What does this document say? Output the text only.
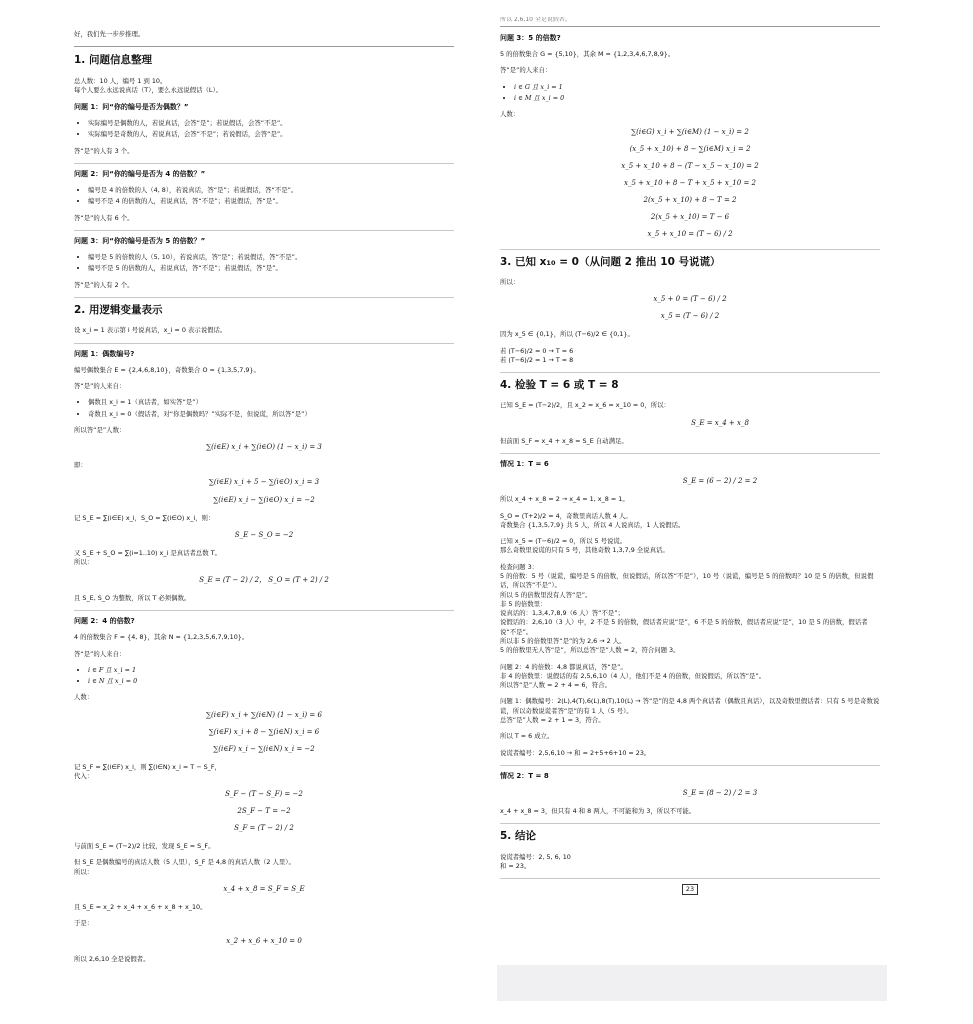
好，我们先一步步推理。

1. 问题信息整理

总人数：10 人，编号 1 到 10。
每个人要么永远说真话（T），要么永远说假话（L）。

问题 1：问“你的编号是否为偶数？”
• 实际编号是偶数的人，若说真话，会答“是”；若说假话，会答“不是”。
• 实际编号是奇数的人，若说真话，会答“不是”；若说假话，会答“是”。

答“是”的人有 3 个。

问题 2：问“你的编号是否为 4 的倍数？”
• 编号是 4 的倍数的人（4, 8），若说真话，答“是”；若说假话，答“不是”。
• 编号不是 4 的倍数的人，若说真话，答“不是”；若说假话，答“是”。

答“是”的人有 6 个。

问题 3：问“你的编号是否为 5 的倍数？”
• 编号是 5 的倍数的人（5, 10），若说真话，答“是”；若说假话，答“不是”。
• 编号不是 5 的倍数的人，若说真话，答“不是”；若说假话，答“是”。

答“是”的人有 2 个。

2. 用逻辑变量表示

设 x_i = 1 表示第 i 号说真话，x_i = 0 表示说假话。

问题 1：偶数编号?

编号偶数集合 E = {2,4,6,8,10}，奇数集合 O = {1,3,5,7,9}。

答“是”的人来自：

• 偶数且 x_i = 1（真话者，如实答“是”）
• 奇数且 x_i = 0（假话者，对“你是偶数吗？”实际不是，但说谎，所以答“是”）

所以答“是”人数：

∑(i∈E) x_i + ∑(i∈O) (1 − x_i) = 3

即：

∑(i∈E) x_i + 5 − ∑(i∈O) x_i = 3
∑(i∈E) x_i − ∑(i∈O) x_i = −2

记 S_E = ∑(i∈E) x_i，S_O = ∑(i∈O) x_i，则：

S_E − S_O = −2

又 S_E + S_O = ∑(i=1..10) x_i 是真话者总数 T。
所以：

S_E = (T − 2) / 2， S_O = (T + 2) / 2

且 S_E, S_O 为整数，所以 T 必须偶数。

问题 2：4 的倍数?

4 的倍数集合 F = {4, 8}，其余 N = {1,2,3,5,6,7,9,10}。

答“是”的人来自：

• i ∈ F 且 x_i = 1
• i ∈ N 且 x_i = 0

人数：

∑(i∈F) x_i + ∑(i∈N) (1 − x_i) = 6
∑(i∈F) x_i + 8 − ∑(i∈N) x_i = 6
∑(i∈F) x_i − ∑(i∈N) x_i = −2

记 S_F = ∑(i∈F) x_i，则 ∑(i∈N) x_i = T − S_F，
代入：

S_F − (T − S_F) = −2
2S_F − T = −2
S_F = (T − 2) / 2

与前面 S_E = (T−2)/2 比较，发现 S_E = S_F。

但 S_E 是偶数编号的真话人数（5 人里），S_F 是 4,8 的真话人数（2 人里）。
所以：

x_4 + x_8 = S_F = S_E

且 S_E = x_2 + x_4 + x_6 + x_8 + x_10。

于是：

x_2 + x_6 + x_10 = 0

所以 2,6,10 全是说假者。

所以 2,6,10 全是说假者。
问题 3：5 的倍数?

5 的倍数集合 G = {5,10}，其余 M = {1,2,3,4,6,7,8,9}。

答“是”的人来自：

• i ∈ G 且 x_i = 1
• i ∈ M 且 x_i = 0

人数：

∑(i∈G) x_i + ∑(i∈M) (1 − x_i) = 2
(x_5 + x_10) + 8 − ∑(i∈M) x_i = 2
x_5 + x_10 + 8 − (T − x_5 − x_10) = 2
x_5 + x_10 + 8 − T + x_5 + x_10 = 2
2(x_5 + x_10) + 8 − T = 2
2(x_5 + x_10) = T − 6
x_5 + x_10 = (T − 6) / 2
3. 已知 x₁₀ = 0（从问题 2 推出 10 号说谎）

所以：

x_5 + 0 = (T − 6) / 2
x_5 = (T − 6) / 2

因为 x_5 ∈ {0,1}，所以 (T−6)/2 ∈ {0,1}。

若 (T−6)/2 = 0 → T = 6
若 (T−6)/2 = 1 → T = 8

4. 检验 T = 6 或 T = 8

已知 S_E = (T−2)/2，且 x_2 = x_6 = x_10 = 0，所以：

S_E = x_4 + x_8

但前面 S_F = x_4 + x_8 = S_E 自动满足。

情况 1：T = 6
S_E = (6 − 2) / 2 = 2

所以 x_4 + x_8 = 2 → x_4 = 1, x_8 = 1。

S_O = (T+2)/2 = 4，奇数里真话人数 4 人。
奇数集合 {1,3,5,7,9} 共 5 人，所以 4 人说真话，1 人说假话。

已知 x_5 = (T−6)/2 = 0，所以 5 号说谎。
那么奇数里说谎的只有 5 号，其他奇数 1,3,7,9 全说真话。

检查问题 3：
5 的倍数：5 号（说谎，编号是 5 的倍数，但说假话，所以答“不是”），10 号（说谎，编号是 5 的倍数吗？10 是 5 的倍数，但说假话，所以答“不是”）。
所以 5 的倍数里没有人答“是”。
非 5 的倍数里：
说真话的：1,3,4,7,8,9（6 人）答“不是”；
说假话的：2,6,10（3 人）中，2 不是 5 的倍数，假话者应说“是”，6 不是 5 的倍数，假话者应说“是”，10 是 5 的倍数，假话者说“不是”。
所以非 5 的倍数里答“是”的为 2,6 → 2 人。
5 的倍数里无人答“是”，所以总答“是”人数 = 2，符合问题 3。

问题 2：4 的倍数：4,8 都说真话，答“是”。
非 4 的倍数里：说假话的有 2,5,6,10（4 人），他们不是 4 的倍数，但说假话，所以答“是”。
所以答“是”人数 = 2 + 4 = 6，符合。

问题 1：偶数编号：2(L),4(T),6(L),8(T),10(L) → 答“是”的是 4,8 两个真话者（偶数且真话），以及奇数里假话者：只有 5 号是奇数说谎，所以奇数说谎者答“是”的有 1 人（5 号）。
总答“是”人数 = 2 + 1 = 3，符合。

所以 T = 6 成立。

说谎者编号：2,5,6,10 → 和 = 2+5+6+10 = 23。

情况 2：T = 8
S_E = (8 − 2) / 2 = 3

x_4 + x_8 = 3，但只有 4 和 8 两人，不可能和为 3，所以不可能。

5. 结论

说谎者编号：2, 5, 6, 10
和 = 23。

23
